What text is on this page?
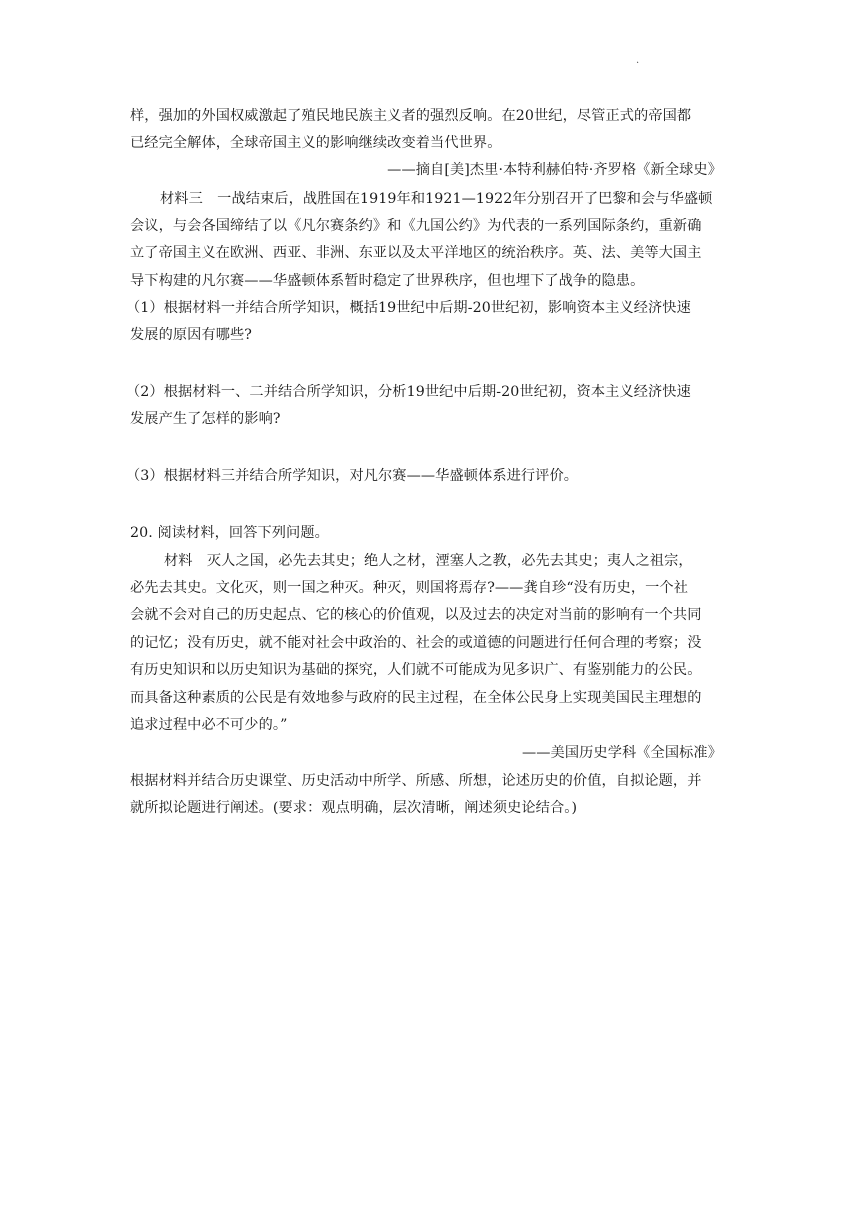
.
样，强加的外国权威激起了殖民地民族主义者的强烈反响。在20世纪，尽管正式的帝国都
已经完全解体，全球帝国主义的影响继续改变着当代世界。
——摘自[美]杰里·本特利赫伯特·齐罗格《新全球史》
材料三　一战结束后，战胜国在1919年和1921—1922年分别召开了巴黎和会与华盛顿
会议，与会各国缔结了以《凡尔赛条约》和《九国公约》为代表的一系列国际条约，重新确
立了帝国主义在欧洲、西亚、非洲、东亚以及太平洋地区的统治秩序。英、法、美等大国主
导下构建的凡尔赛——华盛顿体系暂时稳定了世界秩序，但也埋下了战争的隐患。
（1）根据材料一并结合所学知识，概括19世纪中后期-20世纪初，影响资本主义经济快速
发展的原因有哪些?
（2）根据材料一、二并结合所学知识，分析19世纪中后期-20世纪初，资本主义经济快速
发展产生了怎样的影响?
（3）根据材料三并结合所学知识，对凡尔赛——华盛顿体系进行评价。
20. 阅读材料，回答下列问题。
材料　灭人之国，必先去其史；绝人之材，湮塞人之教，必先去其史；夷人之祖宗，
必先去其史。文化灭，则一国之种灭。种灭，则国将焉存?——龚自珍“没有历史，一个社
会就不会对自己的历史起点、它的核心的价值观，以及过去的决定对当前的影响有一个共同
的记忆；没有历史，就不能对社会中政治的、社会的或道德的问题进行任何合理的考察；没
有历史知识和以历史知识为基础的探究，人们就不可能成为见多识广、有鉴别能力的公民。
而具备这种素质的公民是有效地参与政府的民主过程，在全体公民身上实现美国民主理想的
追求过程中必不可少的。”
——美国历史学科《全国标准》
根据材料并结合历史课堂、历史活动中所学、所感、所想，论述历史的价值，自拟论题，并
就所拟论题进行阐述。(要求：观点明确，层次清晰，阐述须史论结合。)
